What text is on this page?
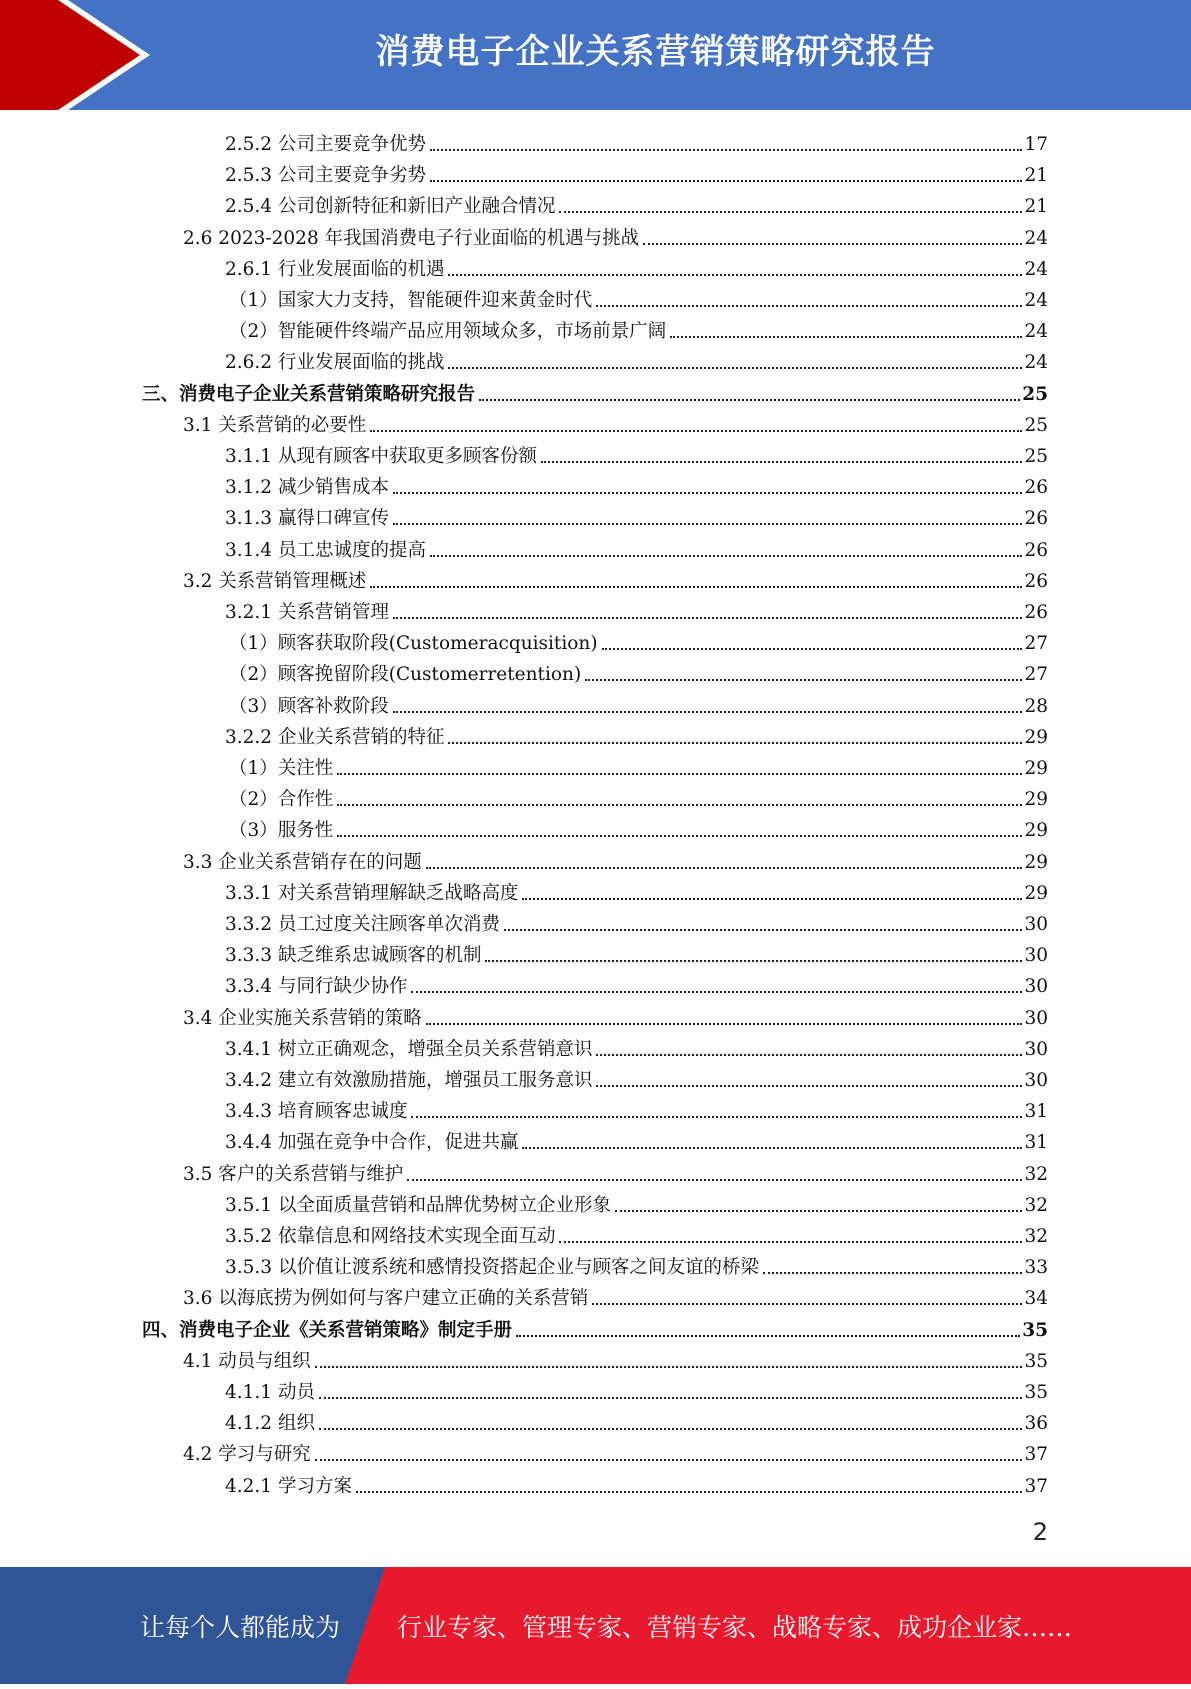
消费电子企业关系营销策略研究报告
2.5.2 公司主要竞争优势	17
2.5.3 公司主要竞争劣势	21
2.5.4 公司创新特征和新旧产业融合情况	21
2.6 2023-2028 年我国消费电子行业面临的机遇与挑战	24
2.6.1 行业发展面临的机遇	24
（1）国家大力支持，智能硬件迎来黄金时代	24
（2）智能硬件终端产品应用领域众多，市场前景广阔	24
2.6.2 行业发展面临的挑战	24
三、消费电子企业关系营销策略研究报告	25
3.1 关系营销的必要性	25
3.1.1 从现有顾客中获取更多顾客份额	25
3.1.2 减少销售成本	26
3.1.3 赢得口碑宣传	26
3.1.4 员工忠诚度的提高	26
3.2 关系营销管理概述	26
3.2.1 关系营销管理	26
（1）顾客获取阶段(Customeracquisition)	27
（2）顾客挽留阶段(Customerretention)	27
（3）顾客补救阶段	28
3.2.2 企业关系营销的特征	29
（1）关注性	29
（2）合作性	29
（3）服务性	29
3.3 企业关系营销存在的问题	29
3.3.1 对关系营销理解缺乏战略高度	29
3.3.2 员工过度关注顾客单次消费	30
3.3.3 缺乏维系忠诚顾客的机制	30
3.3.4 与同行缺少协作	30
3.4 企业实施关系营销的策略	30
3.4.1 树立正确观念，增强全员关系营销意识	30
3.4.2 建立有效激励措施，增强员工服务意识	30
3.4.3 培育顾客忠诚度	31
3.4.4 加强在竞争中合作，促进共赢	31
3.5 客户的关系营销与维护	32
3.5.1 以全面质量营销和品牌优势树立企业形象	32
3.5.2 依靠信息和网络技术实现全面互动	32
3.5.3 以价值让渡系统和感情投资搭起企业与顾客之间友谊的桥梁	33
3.6 以海底捞为例如何与客户建立正确的关系营销	34
四、消费电子企业《关系营销策略》制定手册	35
4.1 动员与组织	35
4.1.1 动员	35
4.1.2 组织	36
4.2 学习与研究	37
4.2.1 学习方案	37
2
让每个人都能成为 行业专家、管理专家、营销专家、战略专家、成功企业家……
